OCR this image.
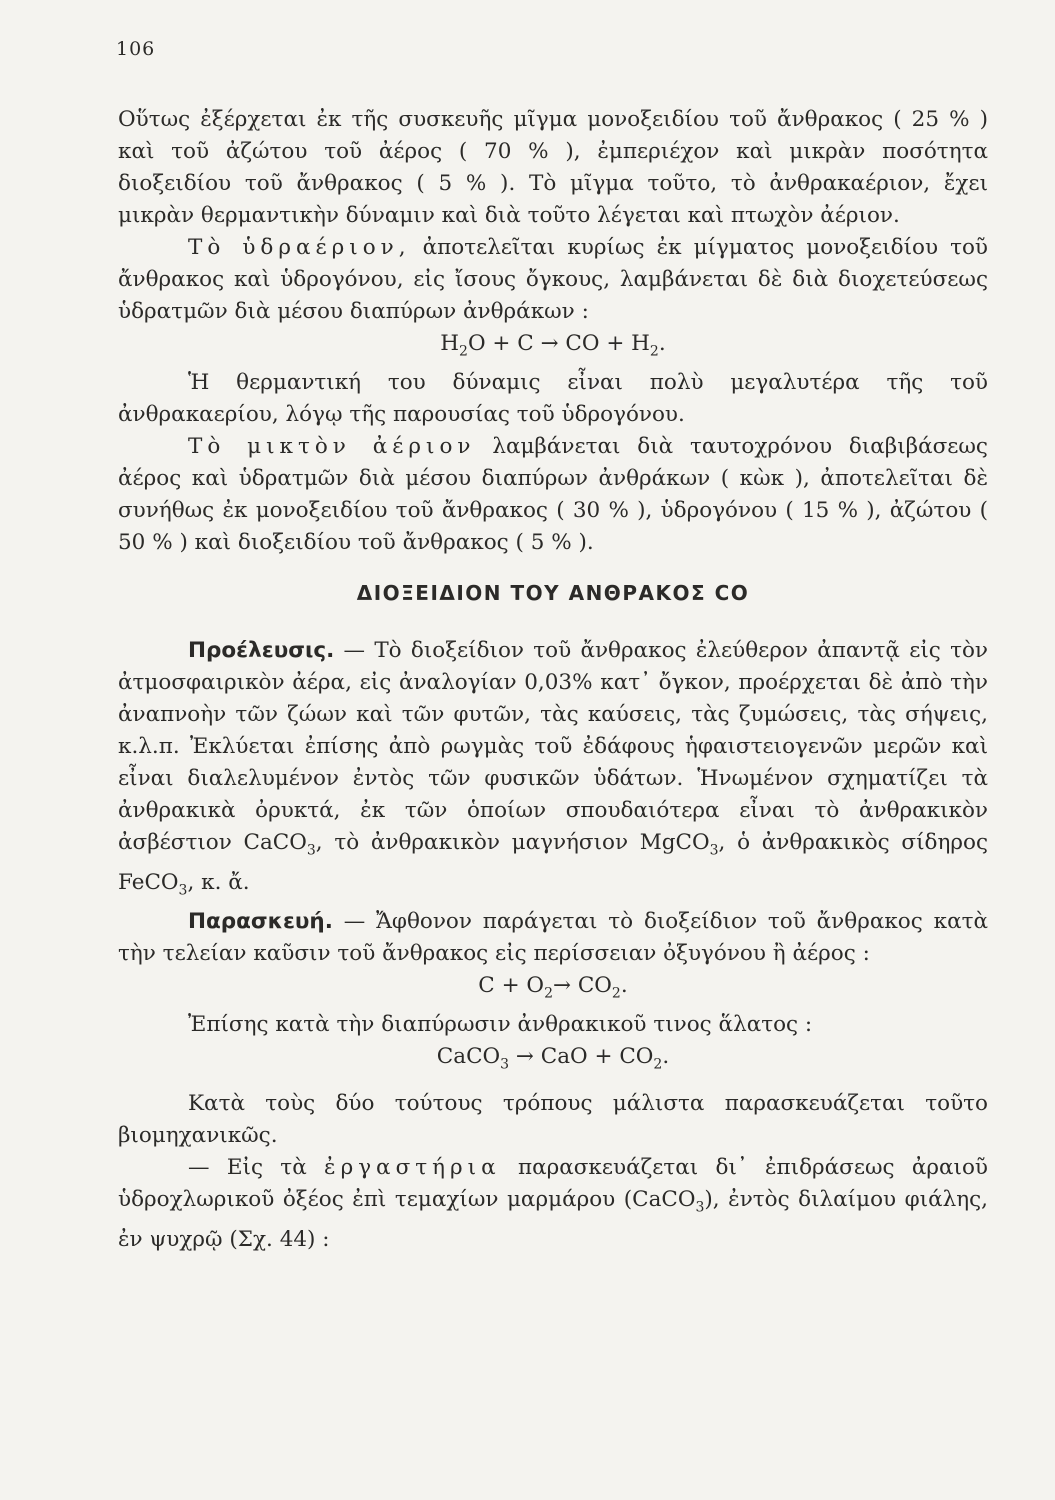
106

Οὕτως ἐξέρχεται ἐκ τῆς συσκευῆς μῖγμα μονοξειδίου τοῦ ἄνθρακος ( 25 % ) καὶ τοῦ ἀζώτου τοῦ ἀέρος ( 70 % ), ἐμπεριέχον καὶ μικρὰν ποσότητα διοξειδίου τοῦ ἄνθρακος ( 5 % ). Τὸ μῖγμα τοῦτο, τὸ ἀνθρακαέριον, ἔχει μικρὰν θερμαντικὴν δύναμιν καὶ διὰ τοῦτο λέγεται καὶ πτωχὸν ἀέριον.

Τὸ ὑδραέριον, ἀποτελεῖται κυρίως ἐκ μίγματος μονοξειδίου τοῦ ἄνθρακος καὶ ὑδρογόνου, εἰς ἴσους ὄγκους, λαμβάνεται δὲ διὰ διοχετεύσεως ὑδρατμῶν διὰ μέσου διαπύρων ἀνθράκων :

$H_2O + C$ → CO + $H_2$.

Ἡ θερμαντική του δύναμις εἶναι πολὺ μεγαλυτέρα τῆς τοῦ ἀνθρακαερίου, λόγῳ τῆς παρουσίας τοῦ ὑδρογόνου.

Τὸ μικτὸν ἀέριον λαμβάνεται διὰ ταυτοχρόνου διαβιβάσεως ἀέρος καὶ ὑδρατμῶν διὰ μέσου διαπύρων ἀνθράκων ( κὼκ ), ἀποτελεῖται δὲ συνήθως ἐκ μονοξειδίου τοῦ ἄνθρακος ( 30 % ), ὑδρογόνου ( 15 % ), ἀζώτου ( 50 % ) καὶ διοξειδίου τοῦ ἄνθρακος ( 5 % ).

ΔΙΟΞΕΙΔΙΟΝ ΤΟΥ ΑΝΘΡΑΚΟΣ CO

Προέλευσις. — Τὸ διοξείδιον τοῦ ἄνθρακος ἐλεύθερον ἀπαντᾷ εἰς τὸν ἀτμοσφαιρικὸν ἀέρα, εἰς ἀναλογίαν 0,03% κατ᾽ ὄγκον, προέρχεται δὲ ἀπὸ τὴν ἀναπνοὴν τῶν ζώων καὶ τῶν φυτῶν, τὰς καύσεις, τὰς ζυμώσεις, τὰς σήψεις, κ.λ.π. Ἐκλύεται ἐπίσης ἀπὸ ρωγμὰς τοῦ ἐδάφους ἡφαιστειογενῶν μερῶν καὶ εἶναι διαλελυμένον ἐντὸς τῶν φυσικῶν ὑδάτων. Ἡνωμένον σχηματίζει τὰ ἀνθρακικὰ ὀρυκτά, ἐκ τῶν ὁποίων σπουδαιότερα εἶναι τὸ ἀνθρακικὸν ἀσβέστιον CaCO$_3$, τὸ ἀνθρακικὸν μαγνήσιον MgCO$_3$, ὁ ἀνθρακικὸς σίδηρος FeCO$_3$, κ. ἄ.

Παρασκευή. — Ἄφθονον παράγεται τὸ διοξείδιον τοῦ ἄνθρακος κατὰ τὴν τελείαν καῦσιν τοῦ ἄνθρακος εἰς περίσσειαν ὀξυγόνου ἢ ἀέρος :

$C + O_2\to CO_2$.

Ἐπίσης κατὰ τὴν διαπύρωσιν ἀνθρακικοῦ τινος ἅλατος :

CaCO$_3$ → CaO + $CO_2$.

Κατὰ τοὺς δύο τούτους τρόπους μάλιστα παρασκευάζεται τοῦτο βιομηχανικῶς.

— Εἰς τὰ ἐργαστήρια παρασκευάζεται δι᾽ ἐπιδράσεως ἀραιοῦ ὑδροχλωρικοῦ ὀξέος ἐπὶ τεμαχίων μαρμάρου (CaCO$_3$), ἐντὸς διλαίμου φιάλης, ἐν ψυχρῷ (Σχ. 44) :
